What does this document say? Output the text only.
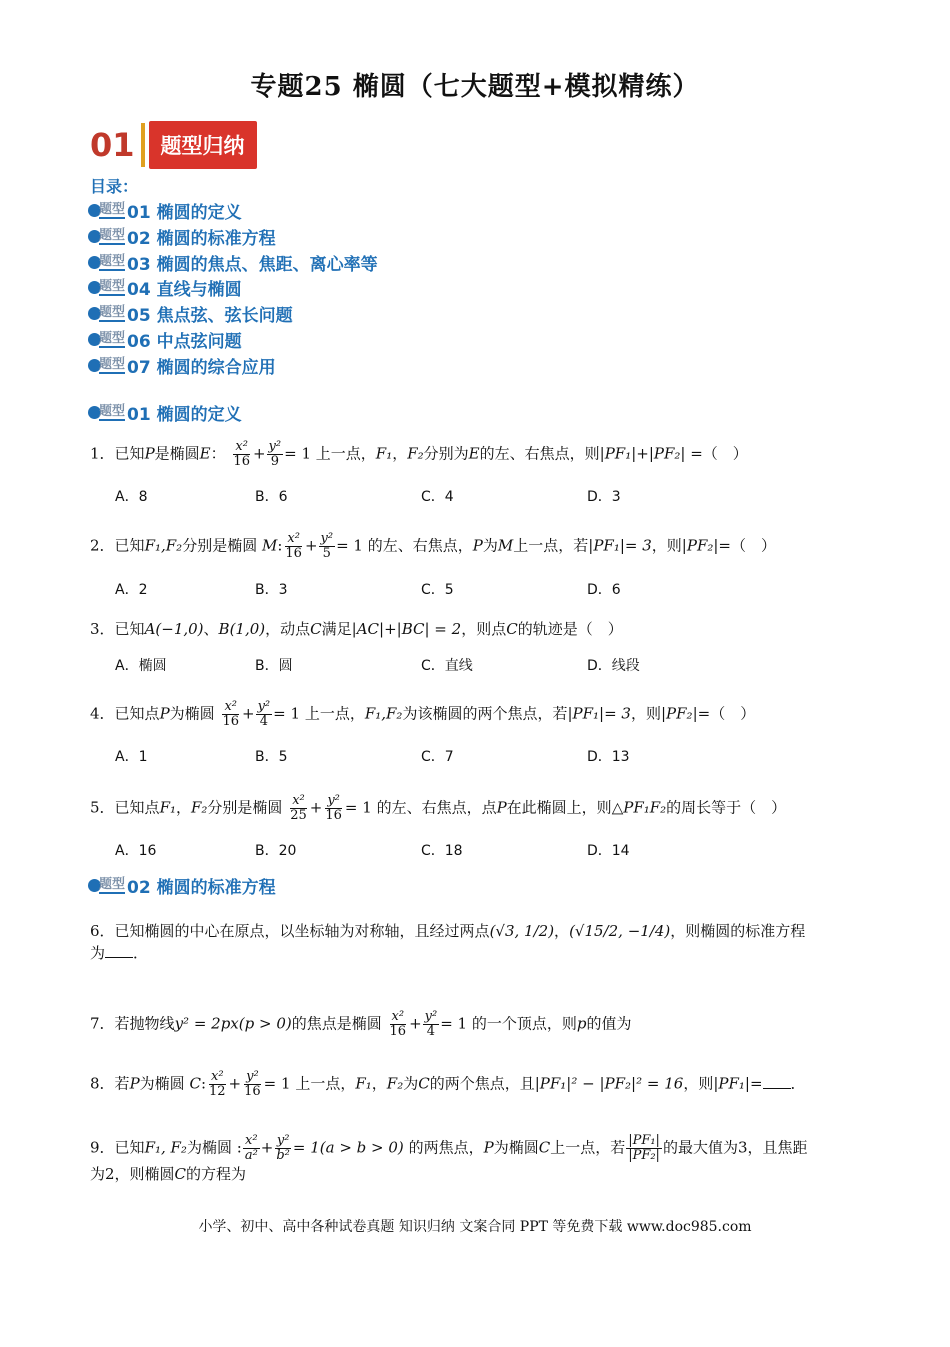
专题25 椭圆（七大题型+模拟精练）
01	题型归纳
目录：
题型 01 椭圆的定义
题型 02 椭圆的标准方程
题型 03 椭圆的焦点、焦距、离心率等
题型 04 直线与椭圆
题型 05 焦点弦、弦长问题
题型 06 中点弦问题
题型 07 椭圆的综合应用
题型 01 椭圆的定义
1．已知P是椭圆E： $\frac{\text{x²}}{16} + \frac{\text{y²}}{9} = 1$ 上一点，F₁，F₂分别为E的左、右焦点，则|PF₁|+|PF₂| =（　）
A．8	B．6	C．4	D．3
2．已知F₁,F₂分别是椭圆 M: $\frac{\text{x²}}{16} + \frac{\text{y²}}{5} = 1$ 的左、右焦点，P为M上一点，若|PF₁|= 3，则|PF₂|=（　）
A．2	B．3	C．5	D．6
3．已知A(−1,0)、B(1,0)，动点C满足|AC|+|BC| = 2，则点C的轨迹是（　）
A．椭圆	B．圆	C．直线	D．线段
4．已知点P为椭圆 $\frac{\text{x²}}{16} + \frac{\text{y²}}{4} = 1$ 上一点，F₁,F₂为该椭圆的两个焦点，若|PF₁|= 3，则|PF₂|=（　）
A．1	B．5	C．7	D．13
5．已知点F₁，F₂分别是椭圆 $\frac{\text{x²}}{25} + \frac{\text{y²}}{16} = 1$ 的左、右焦点，点P在此椭圆上，则△PF₁F₂的周长等于（　）
A．16	B．20	C．18	D．14
题型 02 椭圆的标准方程
6．已知椭圆的中心在原点，以坐标轴为对称轴，且经过两点(√3, 1/2)，(√15/2, −1/4)，则椭圆的标准方程
为 ．
7．若抛物线y² = 2px(p > 0)的焦点是椭圆 $\frac{\text{x²}}{16} + \frac{\text{y²}}{4} = 1$ 的一个顶点，则p的值为
8．若P为椭圆 C: $\frac{\text{x²}}{12} + \frac{\text{y²}}{16} = 1$ 上一点，F₁，F₂为C的两个焦点，且|PF₁|² − |PF₂|² = 16，则|PF₁|= ．
9．已知F₁, F₂为椭圆 : $\frac{\text{x²}}{\text{a²}} + \frac{\text{y²}}{\text{b²}} = 1(a > b > 0)$ 的两焦点，P为椭圆C上一点，若 $\frac{\text{|PF₁|}}{\text{|PF₂|}}$ 的最大值为3，且焦距
为2，则椭圆C的方程为
小学、初中、高中各种试卷真题 知识归纳 文案合同 PPT 等免费下载 www.doc985.com
